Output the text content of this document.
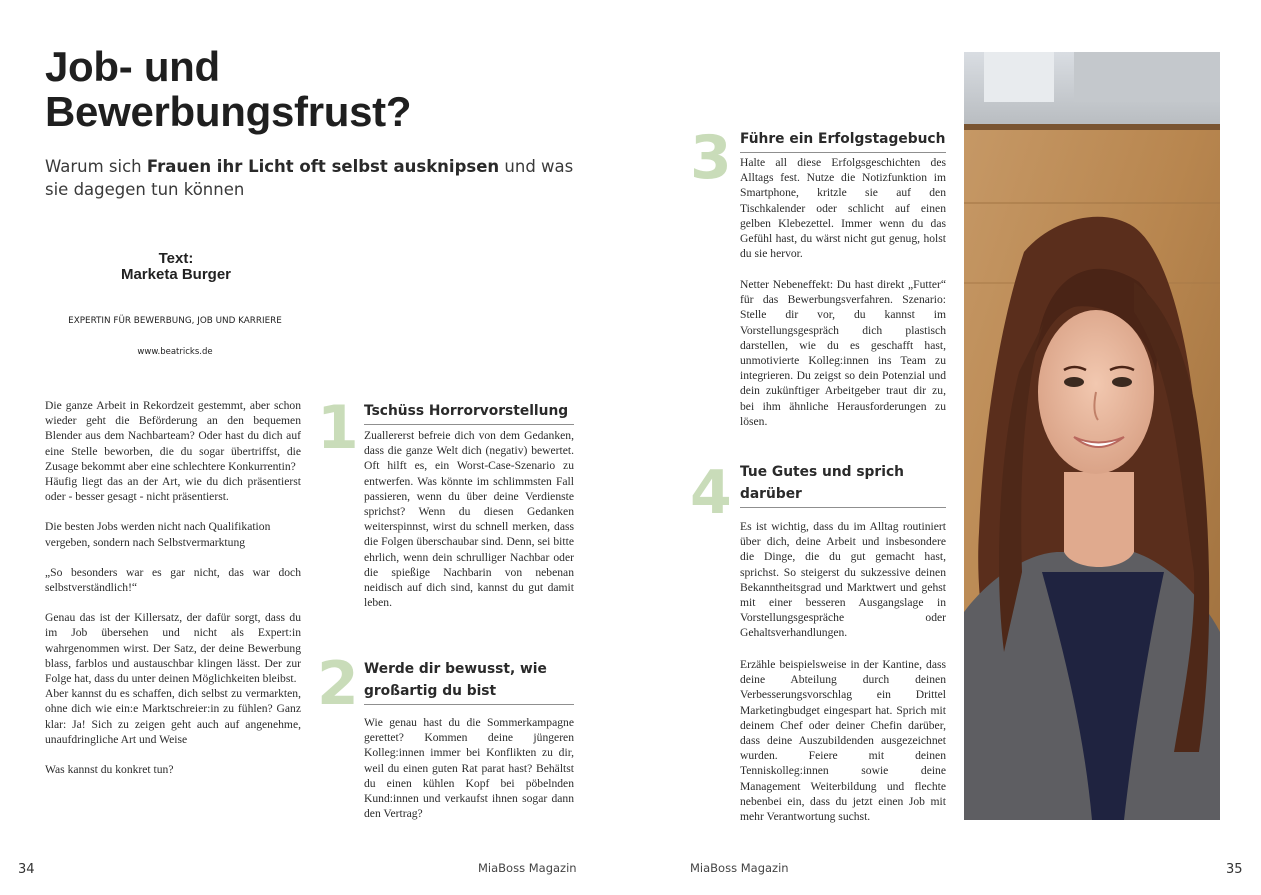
Job- und Bewerbungsfrust?
Warum sich Frauen ihr Licht oft selbst ausknipsen und was sie dagegen tun können
Text:
Marketa Burger
EXPERTIN FÜR BEWERBUNG, JOB UND KARRIERE
www.beatricks.de

Die ganze Arbeit in Rekordzeit gestemmt, aber schon wieder geht die Beförderung an den bequemen Blender aus dem Nachbarteam? Oder hast du dich auf eine Stelle beworben, die du sogar übertriffst, die Zusage bekommt aber eine schlechtere Konkurrentin?

Häufig liegt das an der Art, wie du dich präsentierst oder - besser gesagt - nicht präsentierst.

Die besten Jobs werden nicht nach Qualifikation vergeben, sondern nach Selbstvermarktung

„So besonders war es gar nicht, das war doch selbstverständlich!“

Genau das ist der Killersatz, der dafür sorgt, dass du im Job übersehen und nicht als Expert:in wahrgenommen wirst. Der Satz, der deine Bewerbung blass, farblos und austauschbar klingen lässt. Der zur Folge hat, dass du unter deinen Möglichkeiten bleibst.

Aber kannst du es schaffen, dich selbst zu vermarkten, ohne dich wie ein:e Marktschreier:in zu fühlen? Ganz klar: Ja! Sich zu zeigen geht auch auf angenehme, unaufdringliche Art und Weise

Was kannst du konkret tun?

1 Tschüss Horrorvorstellung
Zuallererst befreie dich von dem Gedanken, dass die ganze Welt dich (negativ) bewertet. Oft hilft es, ein Worst-Case-Szenario zu entwerfen. Was könnte im schlimmsten Fall passieren, wenn du über deine Verdienste sprichst? Wenn du diesen Gedanken weiterspinnst, wirst du schnell merken, dass die Folgen überschaubar sind. Denn, sei bitte ehrlich, wenn dein schrulliger Nachbar oder die spießige Nachbarin von nebenan neidisch auf dich sind, kannst du gut damit leben.
2 Werde dir bewusst, wie großartig du bist
Wie genau hast du die Sommerkampagne gerettet? Kommen deine jüngeren Kolleg:innen immer bei Konflikten zu dir, weil du einen guten Rat parat hast? Behältst du einen kühlen Kopf bei pöbelnden Kund:innen und verkaufst ihnen sogar dann den Vertrag?
34	MiaBoss Magazin
3 Führe ein Erfolgstagebuch
Halte all diese Erfolgsgeschichten des Alltags fest. Nutze die Notizfunktion im Smartphone, kritzle sie auf den Tischkalender oder schlicht auf einen gelben Klebezettel. Immer wenn du das Gefühl hast, du wärst nicht gut genug, holst du sie hervor.
Netter Nebeneffekt: Du hast direkt „Futter“ für das Bewerbungsverfahren. Szenario: Stelle dir vor, du kannst im Vorstellungsgespräch dich plastisch darstellen, wie du es geschafft hast, unmotivierte Kolleg:innen ins Team zu integrieren. Du zeigst so dein Potenzial und dein zukünftiger Arbeitgeber traut dir zu, bei ihm ähnliche Herausforderungen zu lösen.
4 Tue Gutes und sprich darüber
Es ist wichtig, dass du im Alltag routiniert über dich, deine Arbeit und insbesondere die Dinge, die du gut gemacht hast, sprichst. So steigerst du sukzessive deinen Bekanntheitsgrad und Marktwert und gehst mit einer besseren Ausgangslage in Vorstellungsgespräche oder Gehaltsverhandlungen.
Erzähle beispielsweise in der Kantine, dass deine Abteilung durch deinen Verbesserungsvorschlag ein Drittel Marketingbudget eingespart hat. Sprich mit deinem Chef oder deiner Chefin darüber, dass deine Auszubildenden ausgezeichnet wurden. Feiere mit deinen Tenniskolleg:innen sowie deine Management Weiterbildung und flechte nebenbei ein, dass du jetzt einen Job mit mehr Verantwortung suchst.
MiaBoss Magazin	35
